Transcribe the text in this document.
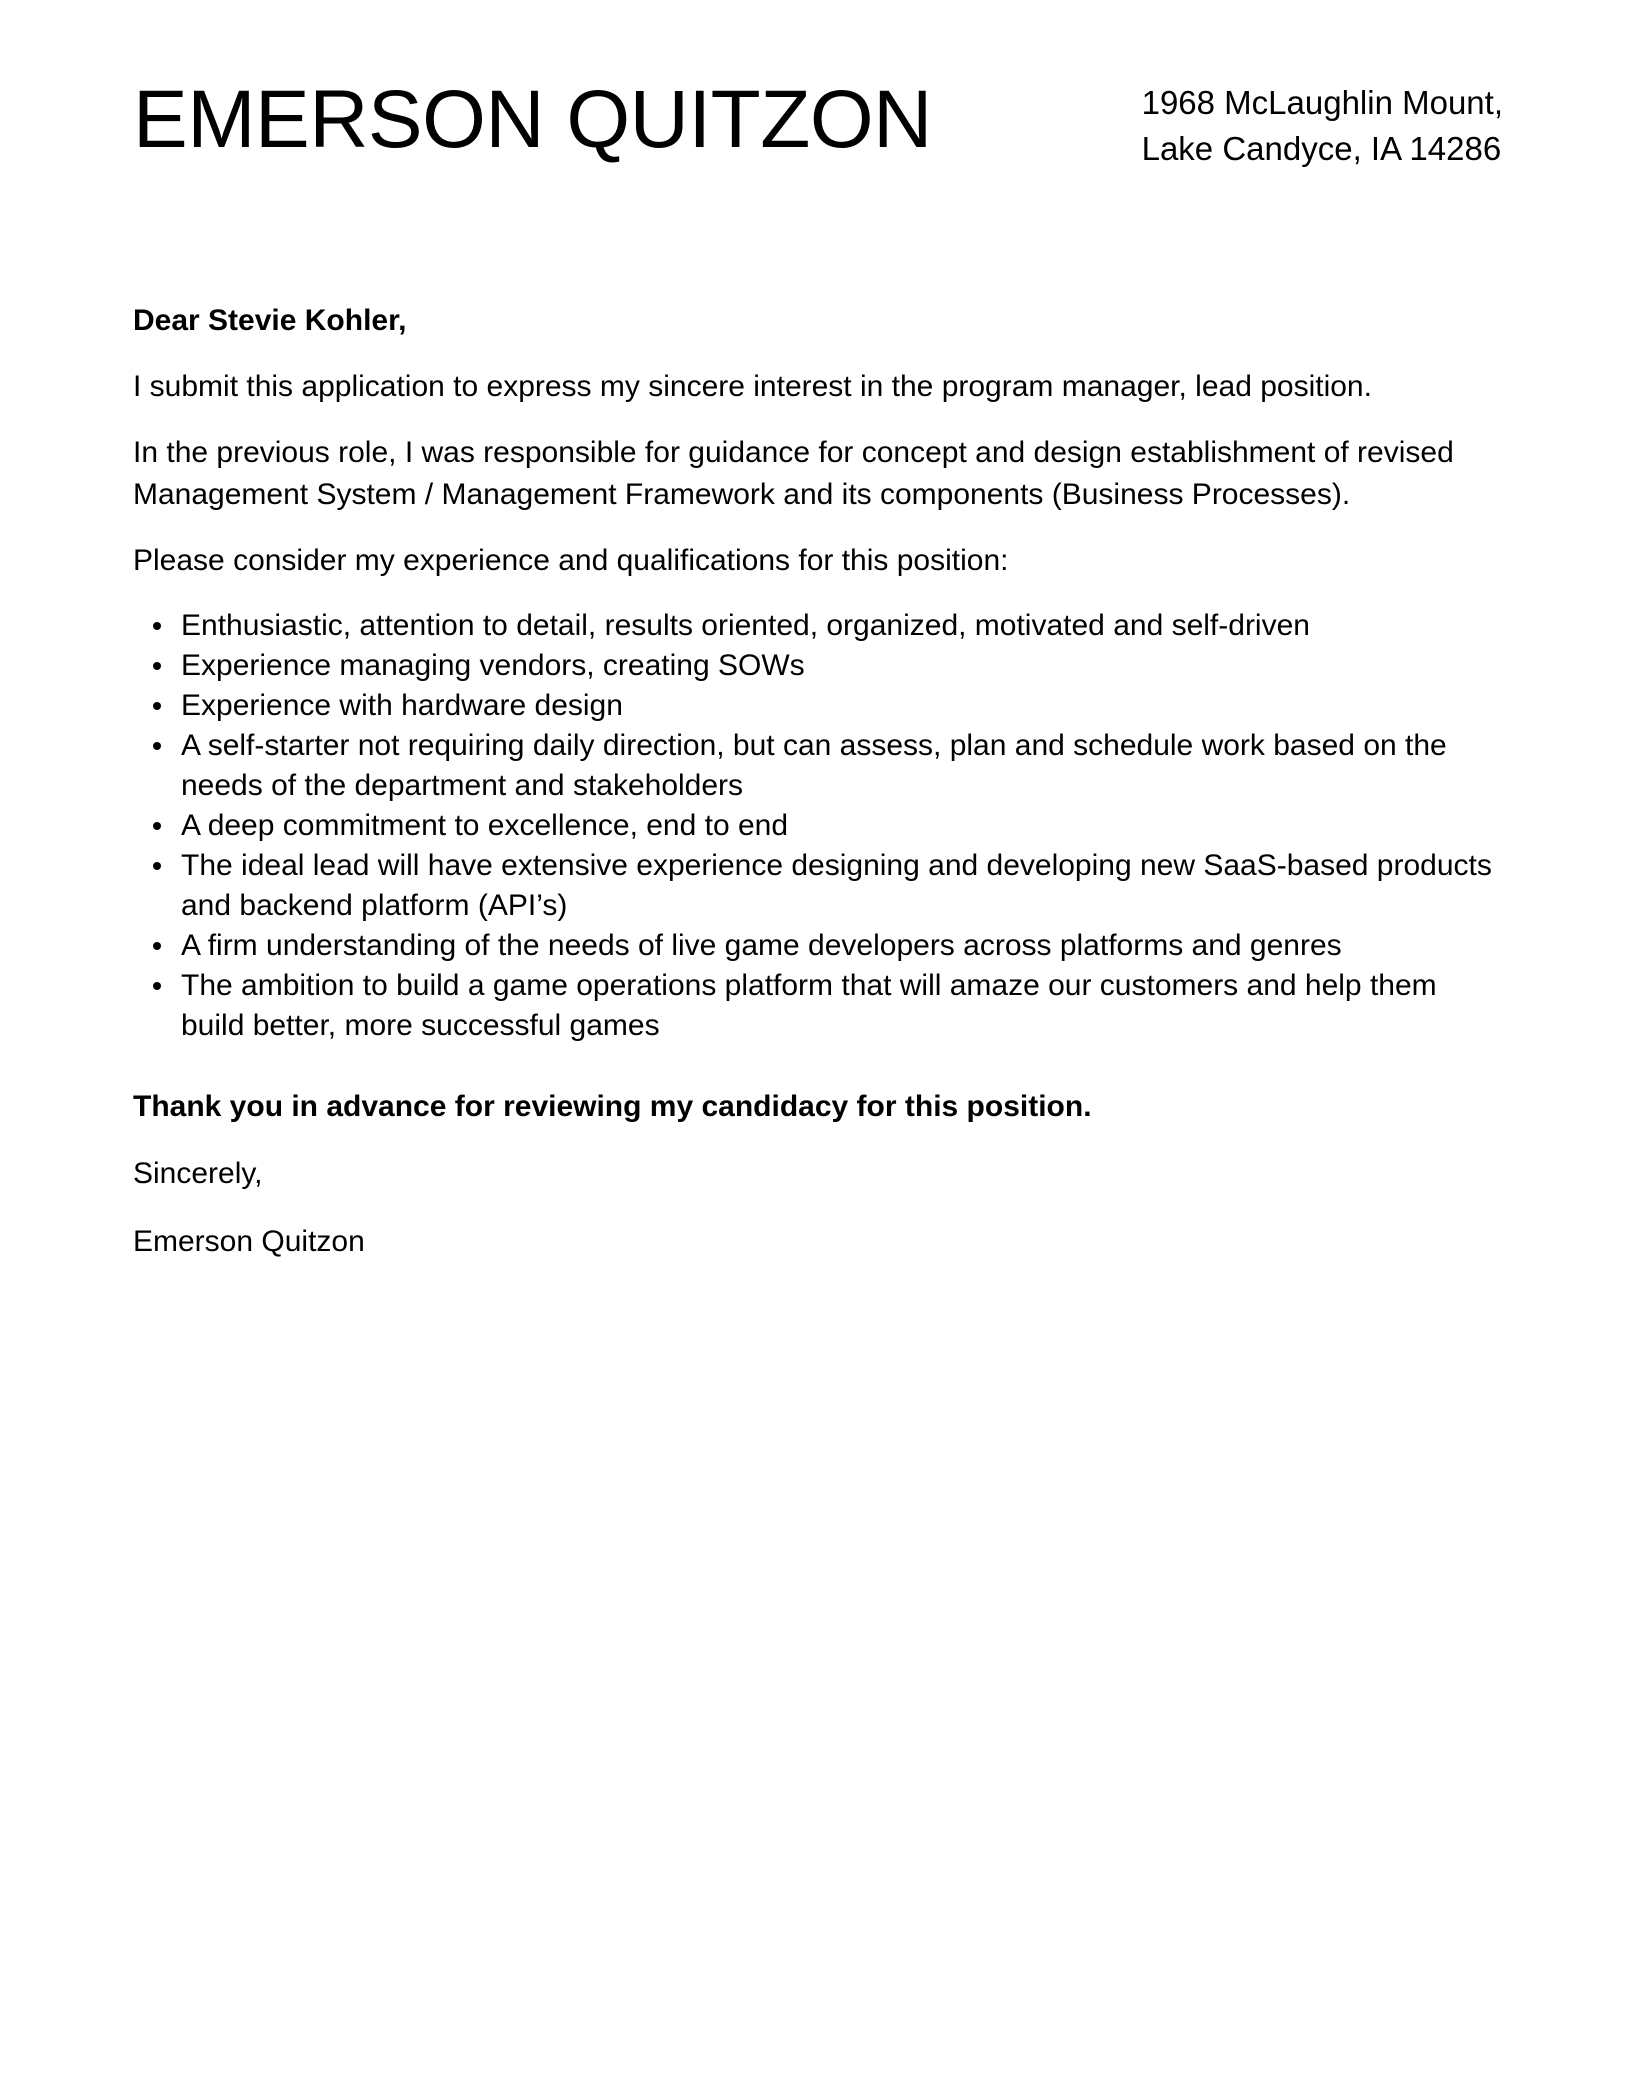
EMERSON QUITZON	1968 McLaughlin Mount,
Lake Candyce, IA 14286

Dear Stevie Kohler,

I submit this application to express my sincere interest in the program manager, lead position.

In the previous role, I was responsible for guidance for concept and design establishment of revised Management System / Management Framework and its components (Business Processes).

Please consider my experience and qualifications for this position:

Enthusiastic, attention to detail, results oriented, organized, motivated and self-driven
Experience managing vendors, creating SOWs
Experience with hardware design
A self-starter not requiring daily direction, but can assess, plan and schedule work based on the needs of the department and stakeholders
A deep commitment to excellence, end to end
The ideal lead will have extensive experience designing and developing new SaaS-based products and backend platform (API’s)
A firm understanding of the needs of live game developers across platforms and genres
The ambition to build a game operations platform that will amaze our customers and help them build better, more successful games

Thank you in advance for reviewing my candidacy for this position.

Sincerely,

Emerson Quitzon
